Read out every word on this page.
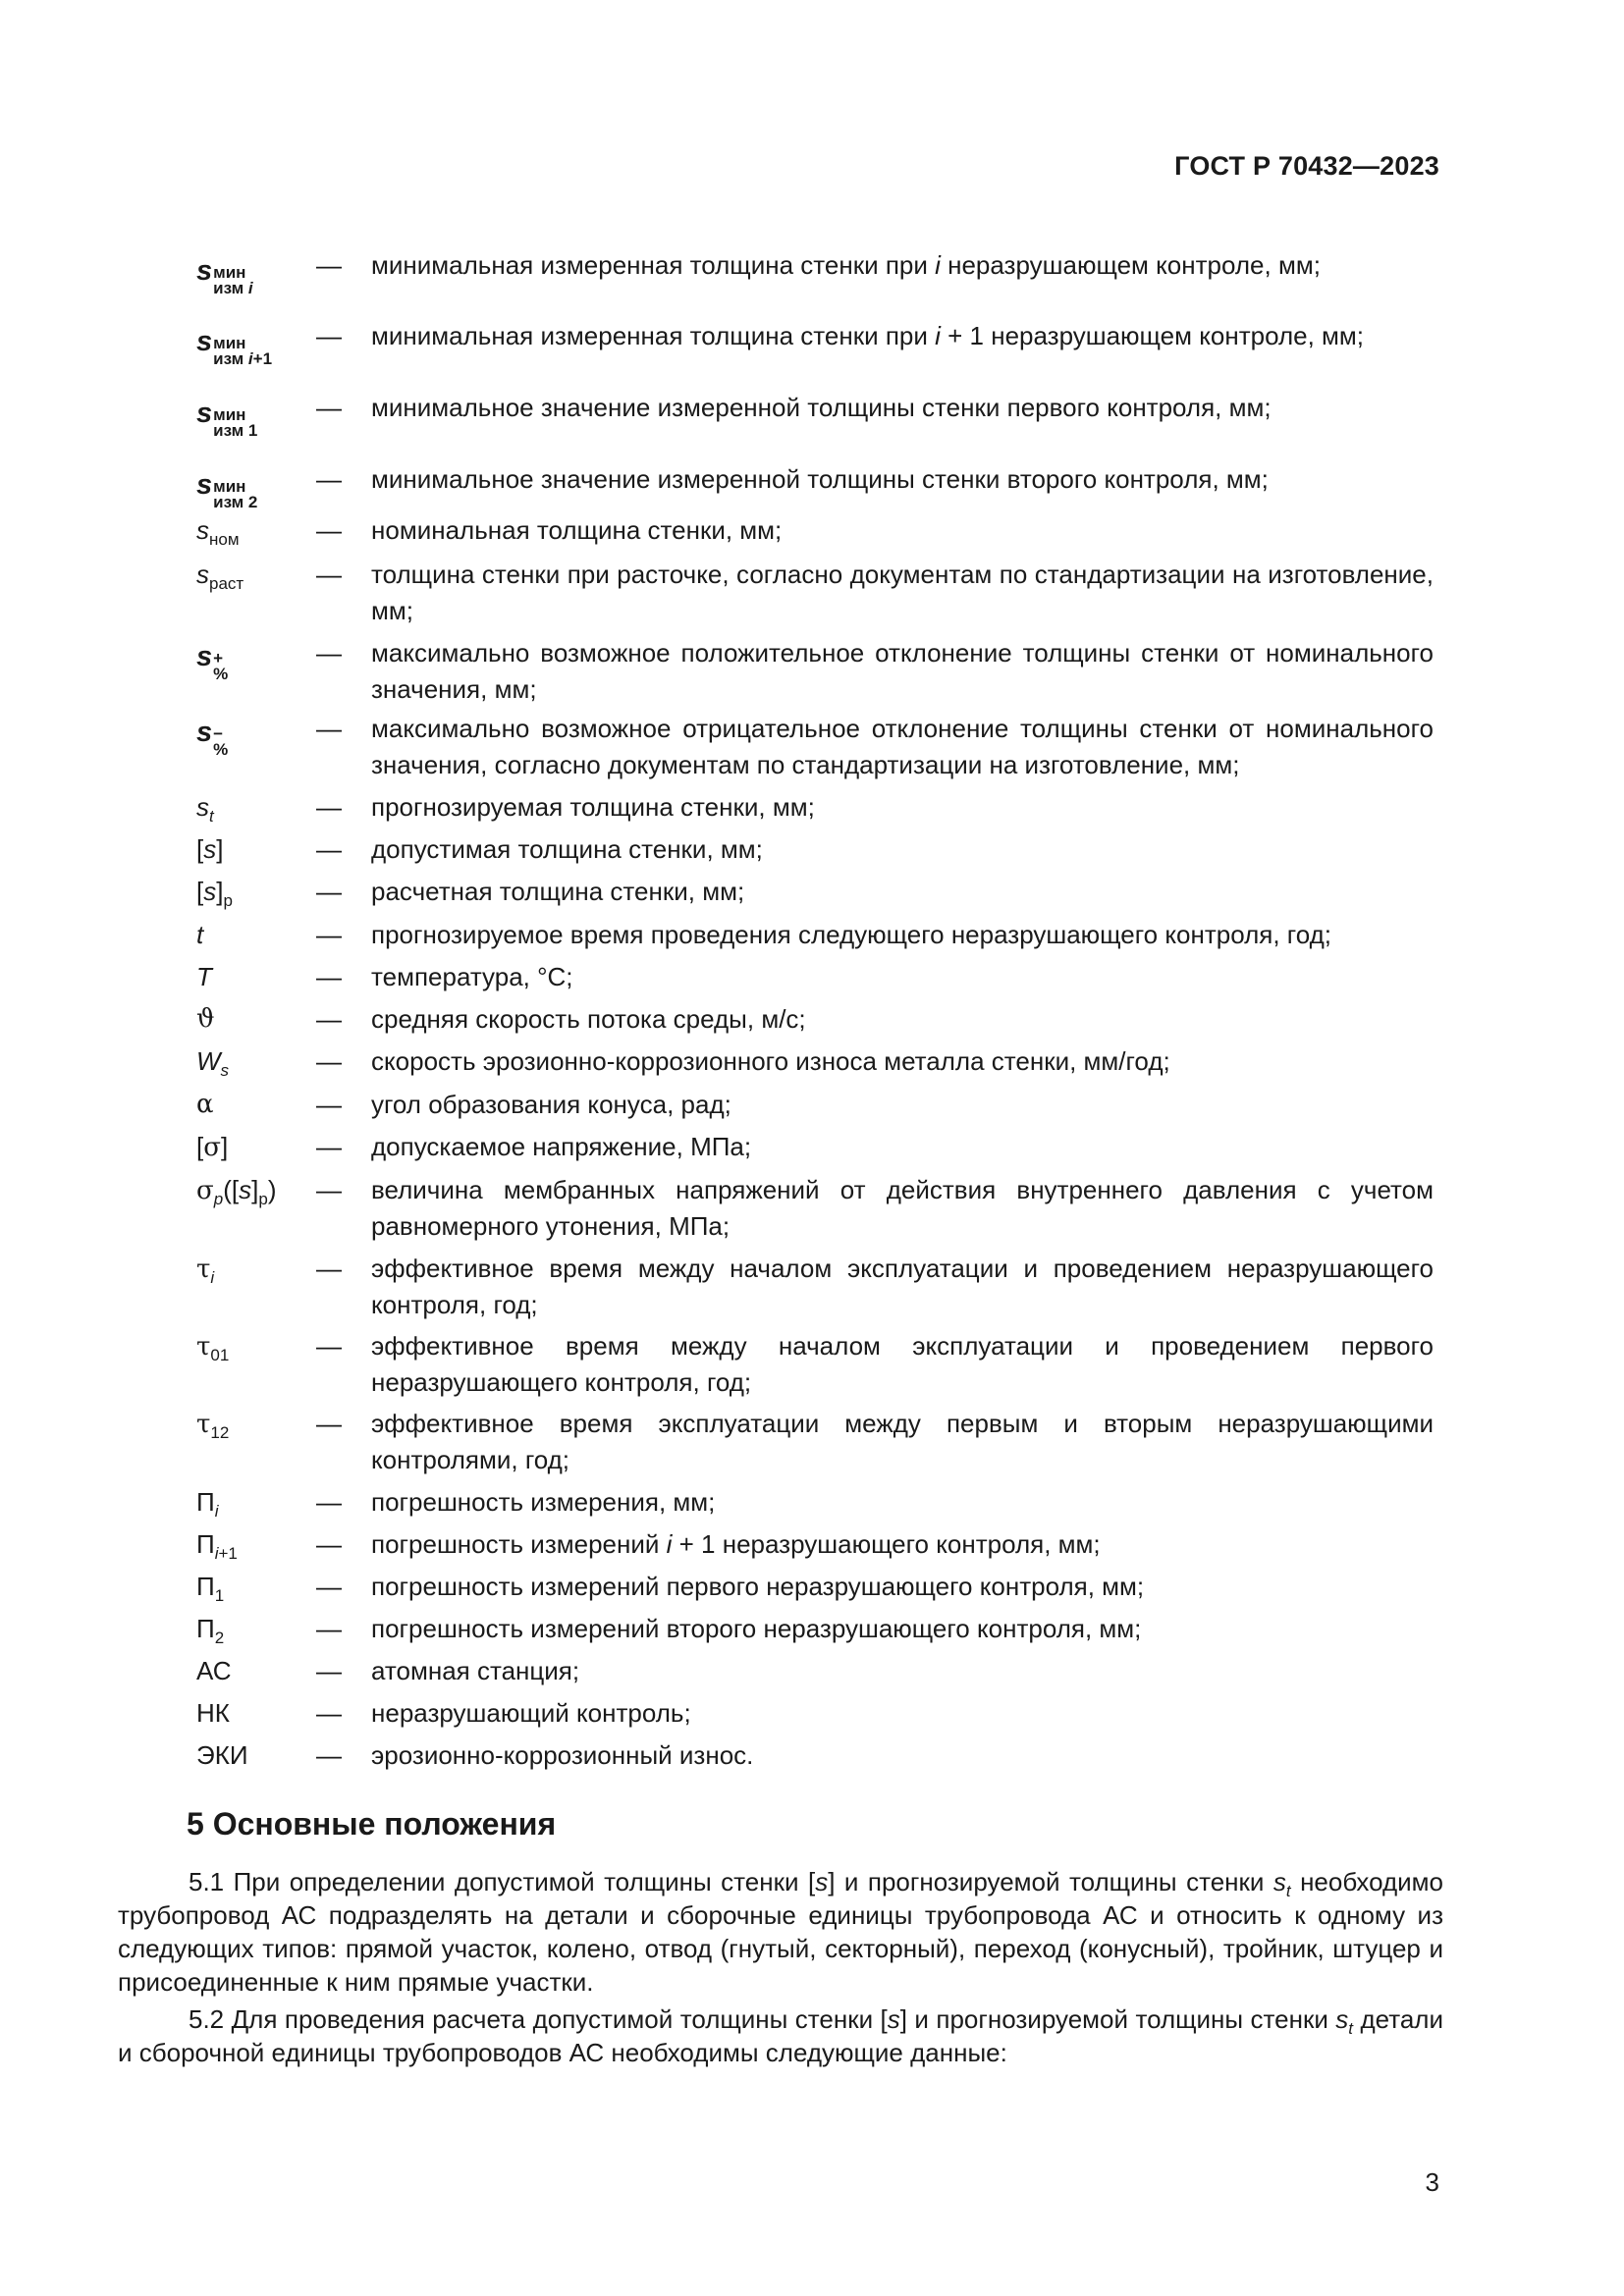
ГОСТ Р 70432—2023
s мин
изм i
— минимальная измеренная толщина стенки при i неразрушающем контроле, мм;
s мин
изм i+1
— минимальная измеренная толщина стенки при i + 1 неразрушающем контроле, мм;
s мин
изм 1
— минимальное значение измеренной толщины стенки первого контроля, мм;
s мин
изм 2
— минимальное значение измеренной толщины стенки второго контроля, мм;
$s_{ном}$	— номинальная толщина стенки, мм;
$s_{раст}$	— толщина стенки при расточке, согласно документам по стандартизации на изготовление, мм;
s +
%
— максимально возможное положительное отклонение толщины стенки от номинального значения, мм;
s −
%
— максимально возможное отрицательное отклонение толщины стенки от номинального значения, согласно документам по стандартизации на изготовление, мм;
$s_t$	— прогнозируемая толщина стенки, мм;
[s]	— допустимая толщина стенки, мм;
$[s]_р$	— расчетная толщина стенки, мм;
t	— прогнозируемое время проведения следующего неразрушающего контроля, год;
T	— температура, °С;
ϑ	— средняя скорость потока среды, м/с;
$W_s$	— скорость эрозионно-коррозионного износа металла стенки, мм/год;
α	— угол образования конуса, рад;
[σ]	— допускаемое напряжение, МПа;
$\sigma_p([s]_р)$	— величина мембранных напряжений от действия внутреннего давления с учетом равномерного утонения, МПа;
$\tau_i$	— эффективное время между началом эксплуатации и проведением неразрушающего контроля, год;
$\tau_{01}$	— эффективное время между началом эксплуатации и проведением первого неразрушающего контроля, год;
$\tau_{12}$	— эффективное время эксплуатации между первым и вторым неразрушающими контролями, год;
$П_i$	— погрешность измерения, мм;
$П_{i+1}$	— погрешность измерений i + 1 неразрушающего контроля, мм;
$П_1$	— погрешность измерений первого неразрушающего контроля, мм;
$П_2$	— погрешность измерений второго неразрушающего контроля, мм;
АС	— атомная станция;
НК	— неразрушающий контроль;
ЭКИ	— эрозионно-коррозионный износ.
5 Основные положения
5.1 При определении допустимой толщины стенки [s] и прогнозируемой толщины стенки $s_t$ необходимо трубопровод АС подразделять на детали и сборочные единицы трубопровода АС и относить к одному из следующих типов: прямой участок, колено, отвод (гнутый, секторный), переход (конусный), тройник, штуцер и присоединенные к ним прямые участки.
5.2 Для проведения расчета допустимой толщины стенки [s] и прогнозируемой толщины стенки $s_t$ детали и сборочной единицы трубопроводов АС необходимы следующие данные:
3
